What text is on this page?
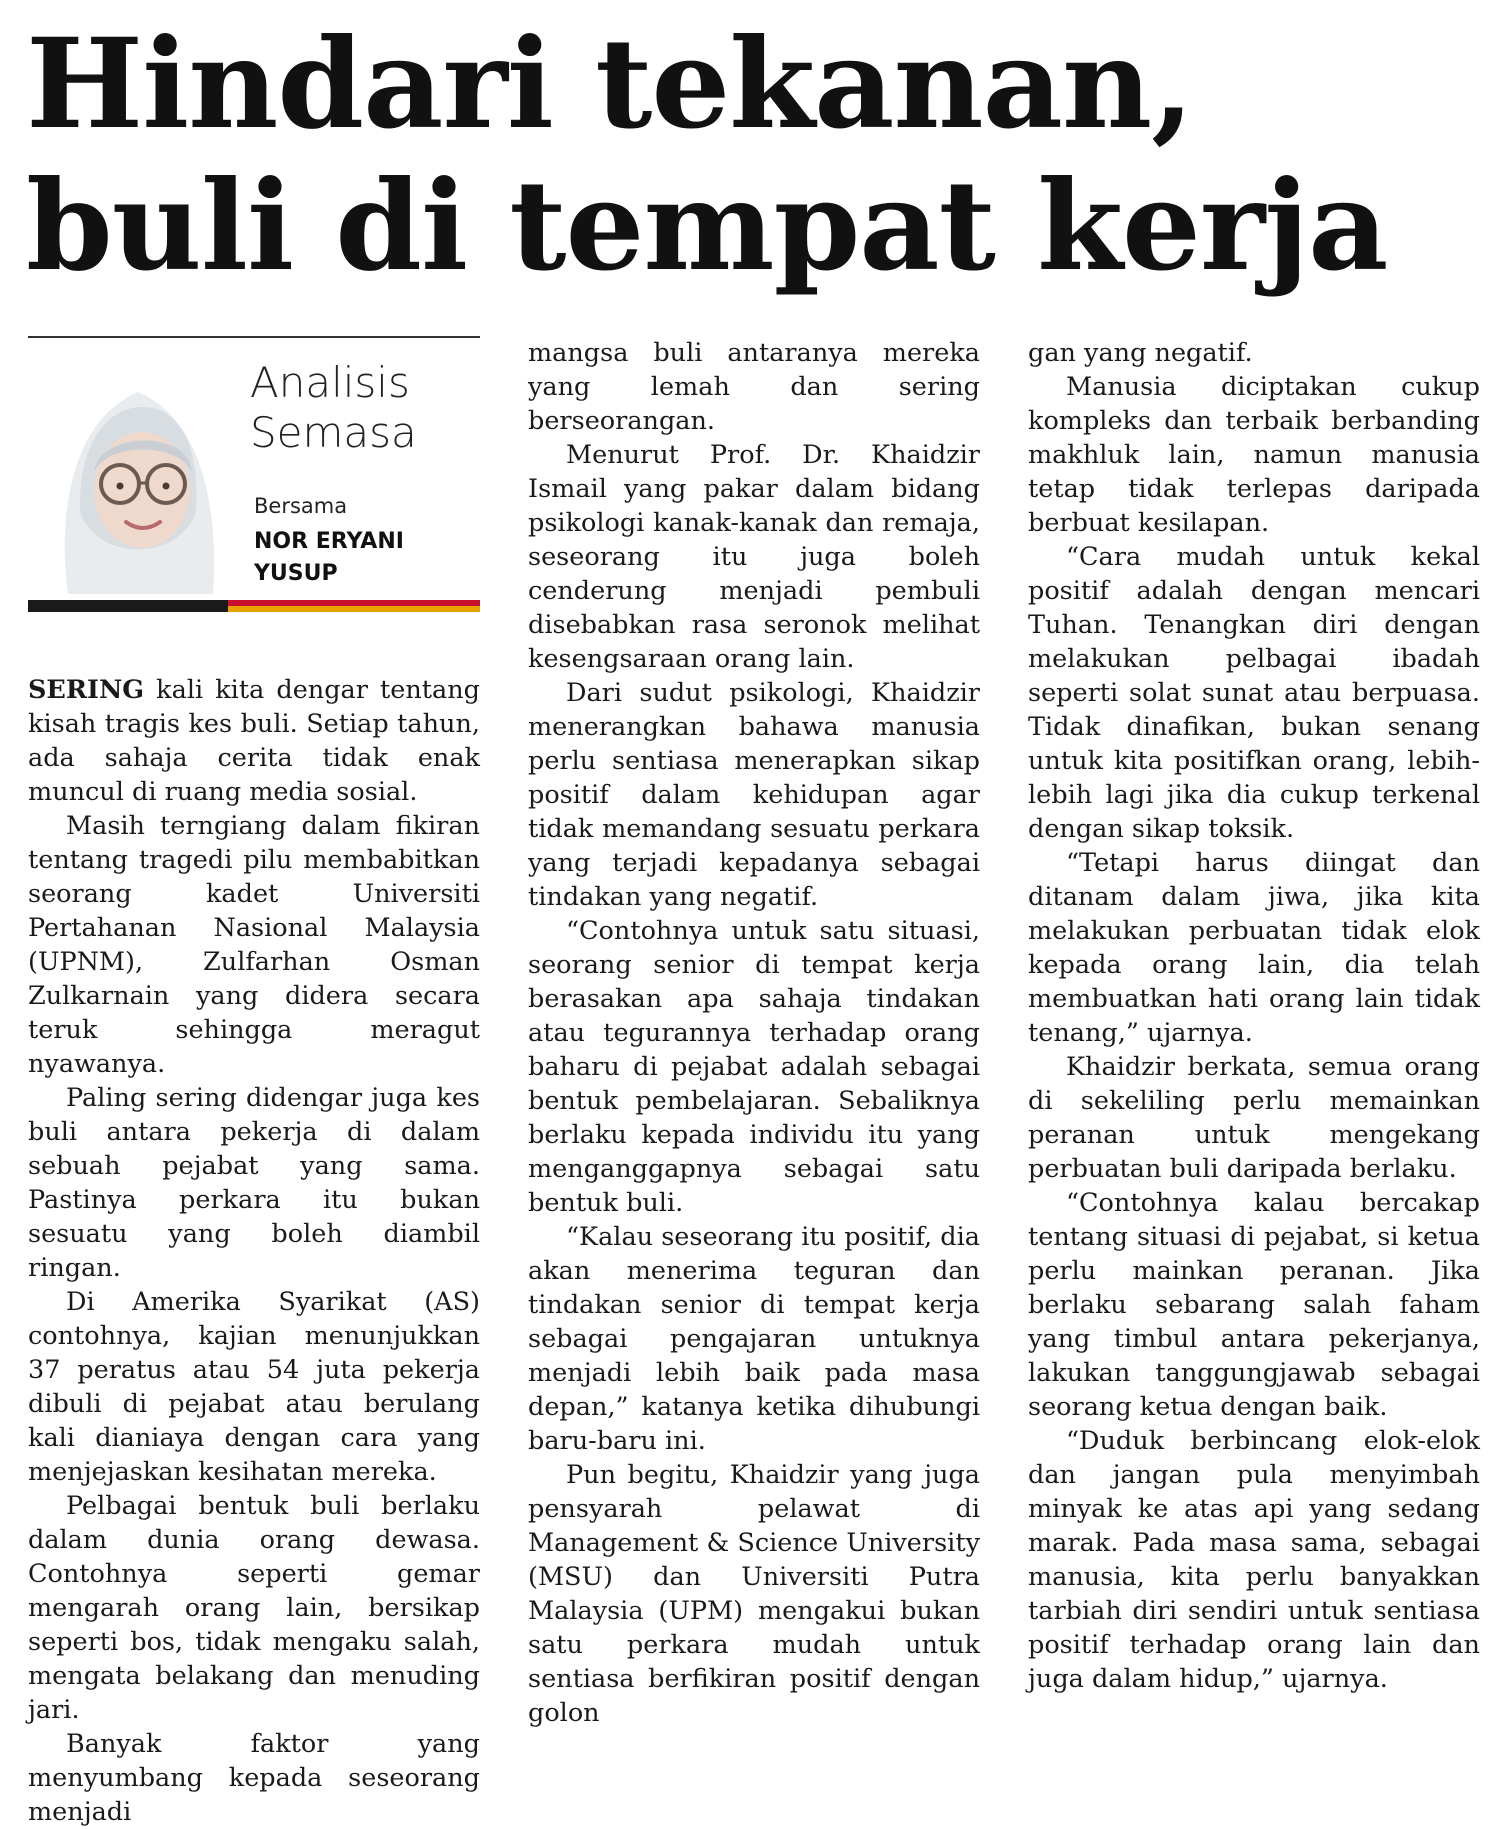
Hindari tekanan,
buli di tempat kerja
Analisis
Semasa
Bersama
NOR ERYANI
YUSUP

SERING kali kita dengar tentang kisah tragis kes buli. Setiap tahun, ada sahaja cerita tidak enak muncul di ruang media sosial.

Masih terngiang dalam fikiran tentang tragedi pilu membabitkan seorang kadet Universiti Pertahanan Nasional Malaysia (UPNM), Zulfarhan Osman Zulkarnain yang didera secara teruk sehingga meragut nyawanya.

Paling sering didengar juga kes buli antara pekerja di dalam sebuah pejabat yang sama. Pastinya perkara itu bukan sesuatu yang boleh diambil ringan.

Di Amerika Syarikat (AS) contohnya, kajian menunjukkan 37 peratus atau 54 juta pekerja dibuli di pejabat atau berulang kali dianiaya dengan cara yang menjejaskan kesihatan mereka.

Pelbagai bentuk buli berlaku dalam dunia orang dewasa. Contohnya seperti gemar mengarah orang lain, bersikap seperti bos, tidak mengaku salah, mengata belakang dan menuding jari.

Banyak faktor yang menyumbang kepada seseorang menjadi

mangsa buli antaranya mereka yang lemah dan sering berseorangan.

Menurut Prof. Dr. Khaidzir Ismail yang pakar dalam bidang psikologi kanak-kanak dan remaja, seseorang itu juga boleh cenderung menjadi pembuli disebabkan rasa seronok melihat kesengsaraan orang lain.

Dari sudut psikologi, Khaidzir menerangkan bahawa manusia perlu sentiasa menerapkan sikap positif dalam kehidupan agar tidak memandang sesuatu perkara yang terjadi kepadanya sebagai tindakan yang negatif.

“Contohnya untuk satu situasi, seorang senior di tempat kerja berasakan apa sahaja tindakan atau tegurannya terhadap orang baharu di pejabat adalah sebagai bentuk pembelajaran. Sebaliknya berlaku kepada individu itu yang menganggapnya sebagai satu bentuk buli.

“Kalau seseorang itu positif, dia akan menerima teguran dan tindakan senior di tempat kerja sebagai pengajaran untuknya menjadi lebih baik pada masa depan,” katanya ketika dihubungi baru-baru ini.

Pun begitu, Khaidzir yang juga pensyarah pelawat di Management & Science University (MSU) dan Universiti Putra Malaysia (UPM) mengakui bukan satu perkara mudah untuk sentiasa berfikiran positif dengan golon

gan yang negatif.

Manusia diciptakan cukup kompleks dan terbaik berbanding makhluk lain, namun manusia tetap tidak terlepas daripada berbuat kesilapan.

“Cara mudah untuk kekal positif adalah dengan mencari Tuhan. Tenangkan diri dengan melakukan pelbagai ibadah seperti solat sunat atau berpuasa. Tidak dinafikan, bukan senang untuk kita positifkan orang, lebih-lebih lagi jika dia cukup terkenal dengan sikap toksik.

“Tetapi harus diingat dan ditanam dalam jiwa, jika kita melakukan perbuatan tidak elok kepada orang lain, dia telah membuatkan hati orang lain tidak tenang,” ujarnya.

Khaidzir berkata, semua orang di sekeliling perlu memainkan peranan untuk mengekang perbuatan buli daripada berlaku.

“Contohnya kalau bercakap tentang situasi di pejabat, si ketua perlu mainkan peranan. Jika berlaku sebarang salah faham yang timbul antara pekerjanya, lakukan tanggungjawab sebagai seorang ketua dengan baik.

“Duduk berbincang elok-elok dan jangan pula menyimbah minyak ke atas api yang sedang marak. Pada masa sama, sebagai manusia, kita perlu banyakkan tarbiah diri sendiri untuk sentiasa positif terhadap orang lain dan juga dalam hidup,” ujarnya.
